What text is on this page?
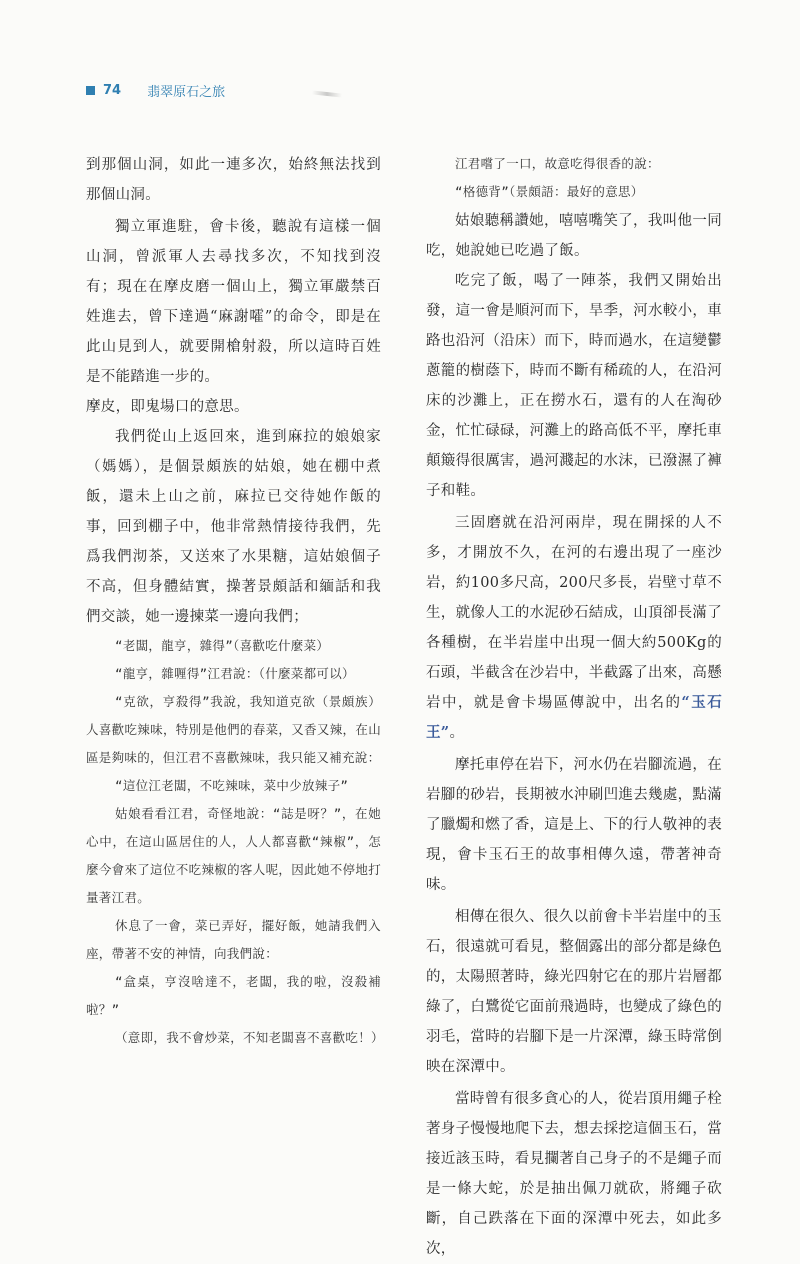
74 翡翠原石之旅

到那個山洞，如此一連多次，始終無法找到那個山洞。

獨立軍進駐，會卡後，聽說有這樣一個山洞，曾派軍人去尋找多次，不知找到沒有；現在在摩皮磨一個山上，獨立軍嚴禁百姓進去，曾下達過“麻謝嚯”的命令，即是在此山見到人，就要開槍射殺，所以這時百姓是不能踏進一步的。

摩皮，即鬼場口的意思。

我們從山上返回來，進到麻拉的娘娘家（媽媽），是個景頗族的姑娘，她在棚中煮飯，還未上山之前，麻拉已交待她作飯的事，回到棚子中，他非常熱情接待我們，先爲我們沏茶，又送來了水果糖，這姑娘個子不高，但身體結實，操著景頗話和緬話和我們交談，她一邊揀菜一邊向我們；

“老闆，龍亨，雜得”（喜歡吃什麼菜）

“龍亨，雜喱得”江君說：（什麼菜都可以）

“克欲，亨殺得”我說，我知道克欲（景頗族）人喜歡吃辣味，特別是他們的春菜，又香又辣，在山區是夠味的，但江君不喜歡辣味，我只能又補充說：

“這位江老闆，不吃辣味，菜中少放辣子”

姑娘看看江君，奇怪地說：“誌是呀？”，在她心中，在這山區居住的人，人人都喜歡“辣椒”，怎麼今會來了這位不吃辣椒的客人呢，因此她不停地打量著江君。

休息了一會，菜已弄好，擺好飯，她請我們入座，帶著不安的神情，向我們說：

“盒桌，亨沒啥達不，老闆，我的啦，沒殺補啦？”

（意即，我不會炒菜，不知老闆喜不喜歡吃！）

江君嚐了一口，故意吃得很香的說：

“格德背”（景頗語：最好的意思）

姑娘聽稱讚她，嘻嘻嘴笑了，我叫他一同吃，她說她已吃過了飯。

吃完了飯，喝了一陣茶，我們又開始出發，這一會是順河而下，旱季，河水較小，車路也沿河（沿床）而下，時而過水，在這變鬱蔥籠的樹蔭下，時而不斷有稀疏的人，在沿河床的沙灘上，正在撈水石，還有的人在淘砂金，忙忙碌碌，河灘上的路高低不平，摩托車顛簸得很厲害，過河濺起的水沫，已潑濕了褲子和鞋。

三固磨就在沿河兩岸，現在開採的人不多，才開放不久，在河的右邊出現了一座沙岩，約100多尺高，200尺多長，岩壁寸草不生，就像人工的水泥砂石結成，山頂卻長滿了各種樹，在半岩崖中出現一個大約500Kg的石頭，半截含在沙岩中，半截露了出來，高懸岩中，就是會卡場區傳說中，出名的“玉石王”。

摩托車停在岩下，河水仍在岩腳流過，在岩腳的砂岩，長期被水沖刷凹進去幾處，點滿了臘燭和燃了香，這是上、下的行人敬神的表現，會卡玉石王的故事相傳久遠，帶著神奇味。

相傳在很久、很久以前會卡半岩崖中的玉石，很遠就可看見，整個露出的部分都是綠色的，太陽照著時，綠光四射它在的那片岩層都綠了，白鷺從它面前飛過時，也變成了綠色的羽毛，當時的岩腳下是一片深潭，綠玉時常倒映在深潭中。

當時曾有很多貪心的人，從岩頂用繩子栓著身子慢慢地爬下去，想去採挖這個玉石，當接近該玉時，看見攔著自己身子的不是繩子而是一條大蛇，於是抽出佩刀就砍，將繩子砍斷，自己跌落在下面的深潭中死去，如此多次，
